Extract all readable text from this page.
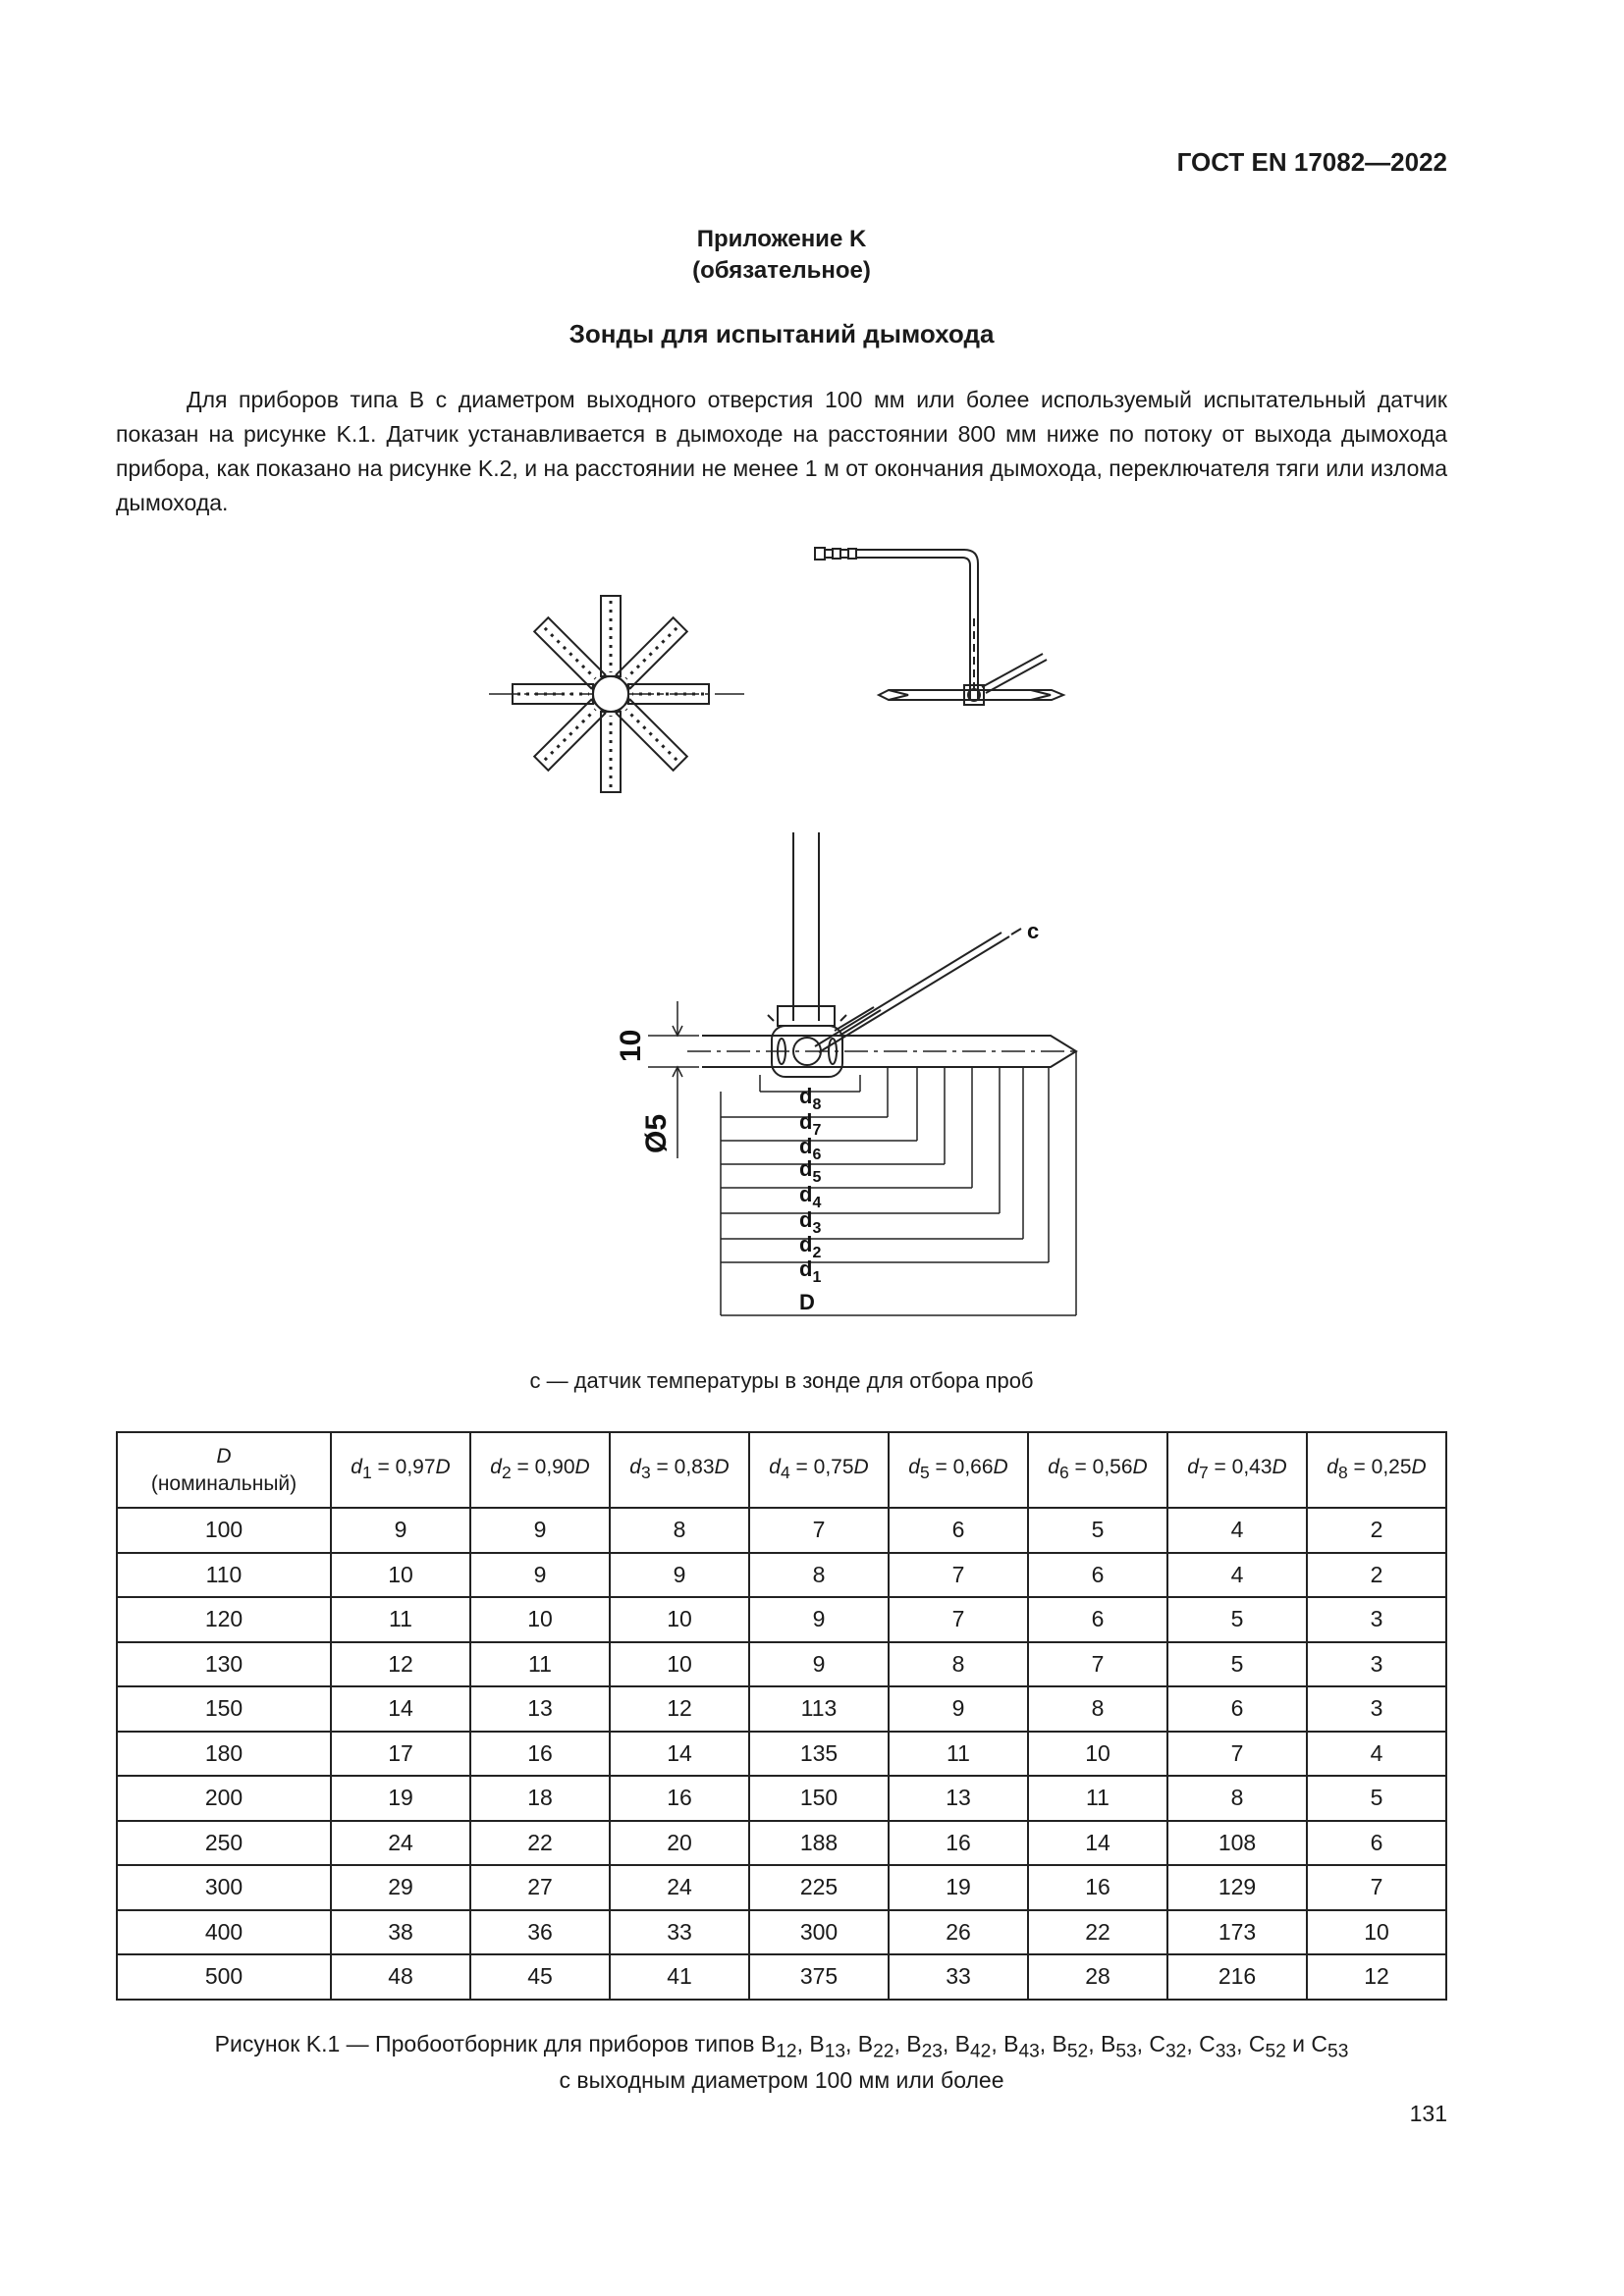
ГОСТ EN 17082—2022
Приложение K
(обязательное)
Зонды для испытаний дымохода
Для приборов типа B с диаметром выходного отверстия 100 мм или более используемый испытательный датчик показан на рисунке K.1. Датчик устанавливается в дымоходе на расстоянии 800 мм ниже по потоку от выхода дымохода прибора, как показано на рисунке K.2, и на расстоянии не менее 1 м от окончания дымохода, переключателя тяги или излома дымохода.
c
10
Ø5
$d_8$
$d_7$
$d_6$
$d_5$
$d_4$
$d_3$
$d_2$
$d_1$
D
c — датчик температуры в зонде для отбора проб
D
(номинальный)	$d_1 = 0,97D$	$d_2 = 0,90D$	$d_3 = 0,83D$	$d_4 = 0,75D$	$d_5 = 0,66D$	$d_6 = 0,56D$	$d_7 = 0,43D$	$d_8 = 0,25D$
100	9	9	8	7	6	5	4	2
110	10	9	9	8	7	6	4	2
120	11	10	10	9	7	6	5	3
130	12	11	10	9	8	7	5	3
150	14	13	12	113	9	8	6	3
180	17	16	14	135	11	10	7	4
200	19	18	16	150	13	11	8	5
250	24	22	20	188	16	14	108	6
300	29	27	24	225	19	16	129	7
400	38	36	33	300	26	22	173	10
500	48	45	41	375	33	28	216	12
Рисунок K.1 — Пробоотборник для приборов типов $B_{12}$, $B_{13}$, $B_{22}$, $B_{23}$, $B_{42}$, $B_{43}$, $B_{52}$, $B_{53}$, $C_{32}$, $C_{33}$, $C_{52}$ и $C_{53}$
с выходным диаметром 100 мм или более
131
